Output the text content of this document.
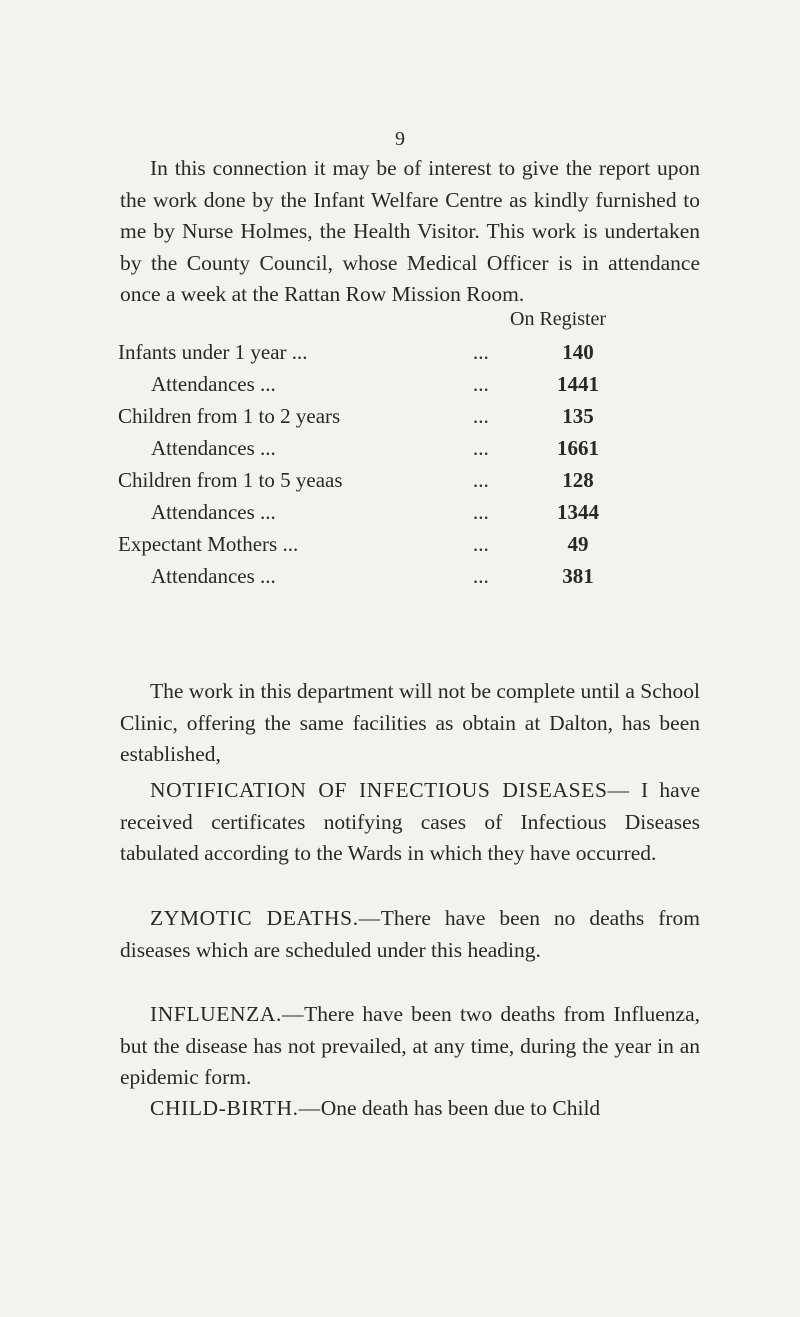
9

In this connection it may be of interest to give the report upon the work done by the Infant Welfare Centre as kindly furnished to me by Nurse Holmes, the Health Visitor. This work is undertaken by the County Council, whose Medical Officer is in attendance once a week at the Rattan Row Mission Room.

On Register
Infants under 1 year ...	...	140
Attendances ...	...	1441
Children from 1 to 2 years	...	135
Attendances ...	...	1661
Children from 1 to 5 yeaas	...	128
Attendances ...	...	1344
Expectant Mothers ...	...	49
Attendances ...	...	381

The work in this department will not be complete until a School Clinic, offering the same facilities as obtain at Dalton, has been established,

NOTIFICATION OF INFECTIOUS DISEASES— I have received certificates notifying cases of Infectious Diseases tabulated according to the Wards in which they have occurred.

ZYMOTIC DEATHS.—There have been no deaths from diseases which are scheduled under this heading.

INFLUENZA.—There have been two deaths from Influenza, but the disease has not prevailed, at any time, during the year in an epidemic form.

CHILD-BIRTH.—One death has been due to Child
